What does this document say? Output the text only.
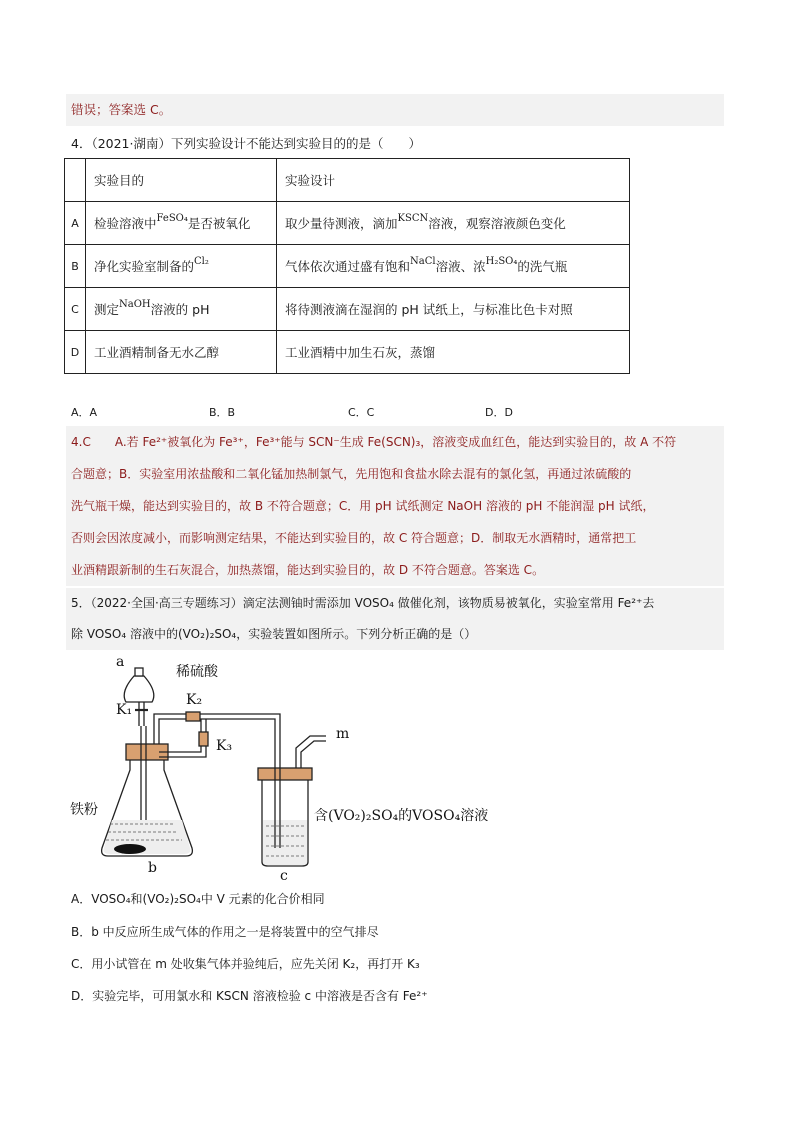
错误；答案选 C。
4．（2021·湖南）下列实验设计不能达到实验目的的是（　　）
	实验目的	实验设计
A	检验溶液中$^{FeSO_4}$是否被氧化	取少量待测液，滴加$^{KSCN}$溶液，观察溶液颜色变化
B	净化实验室制备的$^{Cl_2}$	气体依次通过盛有饱和$^{NaCl}$溶液、浓$^{H_2SO_4}$的洗气瓶
C	测定$^{NaOH}$溶液的 pH	将待测液滴在湿润的 pH 试纸上，与标准比色卡对照
D	工业酒精制备无水乙醇	工业酒精中加生石灰，蒸馏
A．A	B．B	C．C	D．D
4.C　　A.若 Fe²⁺被氧化为 Fe³⁺，Fe³⁺能与 SCN⁻生成 Fe(SCN)₃，溶液变成血红色，能达到实验目的，故 A 不符
合题意；B．实验室用浓盐酸和二氧化锰加热制氯气，先用饱和食盐水除去混有的氯化氢，再通过浓硫酸的
洗气瓶干燥，能达到实验目的，故 B 不符合题意；C．用 pH 试纸测定 NaOH 溶液的 pH 不能润湿 pH 试纸，
否则会因浓度减小，而影响测定结果，不能达到实验目的，故 C 符合题意；D．制取无水酒精时，通常把工
业酒精跟新制的生石灰混合，加热蒸馏，能达到实验目的，故 D 不符合题意。答案选 C。
5．（2022·全国·高三专题练习）滴定法测铀时需添加 VOSO₄ 做催化剂，该物质易被氧化，实验室常用 Fe²⁺去
除 VOSO₄ 溶液中的(VO₂)₂SO₄，实验装置如图所示。下列分析正确的是（）
a
稀硫酸
K₁
K₂
K₃
m
铁粉
b	c
含(VO₂)₂SO₄的VOSO₄溶液
A．VOSO₄和(VO₂)₂SO₄中 V 元素的化合价相同
B．b 中反应所生成气体的作用之一是将装置中的空气排尽
C．用小试管在 m 处收集气体并验纯后，应先关闭 K₂，再打开 K₃
D．实验完毕，可用氯水和 KSCN 溶液检验 c 中溶液是否含有 Fe²⁺
